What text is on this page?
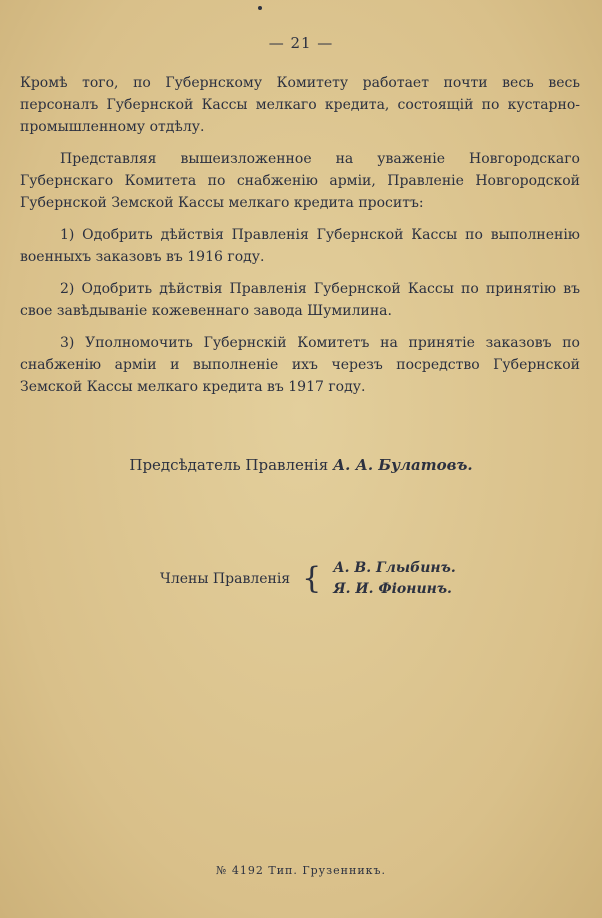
— 21 —

Кромѣ того, по Губернскому Комитету работает почти весь весь персоналъ Губернской Кассы мелкаго кредита, состоящій по кустарно-промышленному отдѣлу.

Представляя вышеизложенное на уваженіе Новгородскаго Губернскаго Комитета по снабженію арміи, Правленіе Новгородской Губернской Земской Кассы мелкаго кредита проситъ:

1) Одобрить дѣйствія Правленія Губернской Кассы по выполненію военныхъ заказовъ въ 1916 году.

2) Одобрить дѣйствія Правленія Губернской Кассы по принятію въ свое завѣдываніе кожевеннаго завода Шумилина.

3) Уполномочить Губернскій Комитетъ на принятіе заказовъ по снабженію арміи и выполненіе ихъ черезъ посредство Губернской Земской Кассы мелкаго кредита въ 1917 году.

Предсѣдатель Правленія А. А. Булатовъ.
Члены Правленія { А. В. Глыбинъ.
Я. И. Фіонинъ.
№ 4192 Тип. Грузенникъ.
